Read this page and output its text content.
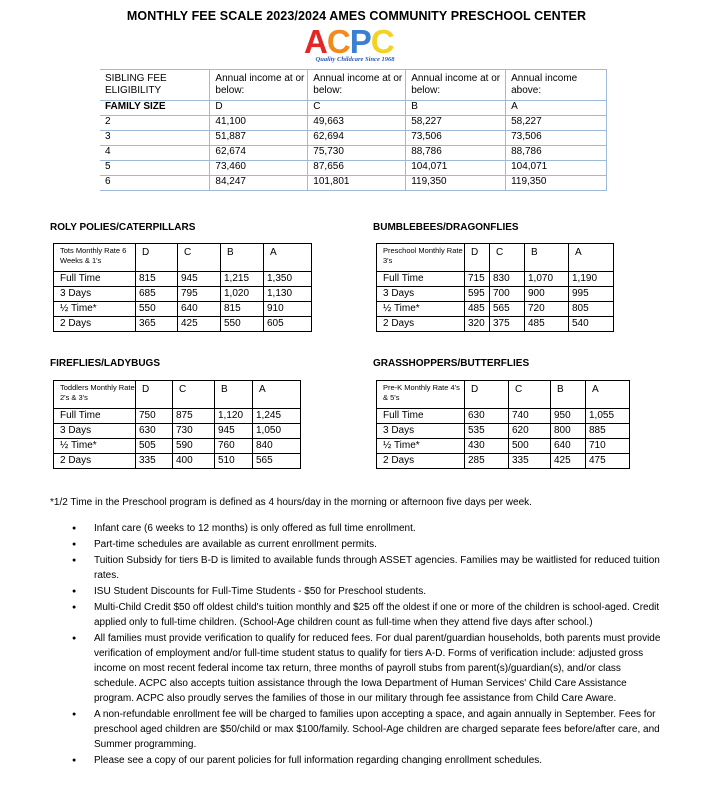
MONTHLY FEE SCALE 2023/2024 AMES COMMUNITY PRESCHOOL CENTER
ACPC
Quality Childcare Since 1968
SIBLING FEE ELIGIBILITY	Annual income at or below:	Annual income at or below:	Annual income at or below:	Annual income above:
FAMILY SIZE	D	C	B	A
2	41,100	49,663	58,227	58,227
3	51,887	62,694	73,506	73,506
4	62,674	75,730	88,786	88,786
5	73,460	87,656	104,071	104,071
6	84,247	101,801	119,350	119,350
ROLY POLIES/CATERPILLARS	BUMBLEBEES/DRAGONFLIES
FIREFLIES/LADYBUGS	GRASSHOPPERS/BUTTERFLIES
Tots Monthly Rate 6 Weeks & 1's	D	C	B	A
Full Time	815	945	1,215	1,350
3 Days	685	795	1,020	1,130
½ Time*	550	640	815	910
2 Days	365	425	550	605
Preschool Monthly Rate 3's	D	C	B	A
Full Time	715	830	1,070	1,190
3 Days	595	700	900	995
½ Time*	485	565	720	805
2 Days	320	375	485	540
Toddlers Monthly Rate 2's & 3's	D	C	B	A
Full Time	750	875	1,120	1,245
3 Days	630	730	945	1,050
½ Time*	505	590	760	840
2 Days	335	400	510	565
Pre-K Monthly Rate 4's & 5's	D	C	B	A
Full Time	630	740	950	1,055
3 Days	535	620	800	885
½ Time*	430	500	640	710
2 Days	285	335	425	475
*1/2 Time in the Preschool program is defined as 4 hours/day in the morning or afternoon five days per week.
● Infant care (6 weeks to 12 months) is only offered as full time enrollment.
● Part-time schedules are available as current enrollment permits.
● Tuition Subsidy for tiers B-D is limited to available funds through ASSET agencies. Families may be waitlisted for reduced tuition rates.
● ISU Student Discounts for Full-Time Students - $50 for Preschool students.
● Multi-Child Credit $50 off oldest child's tuition monthly and $25 off the oldest if one or more of the children is school-aged. Credit applied only to full-time children. (School-Age children count as full-time when they attend five days after school.)
● All families must provide verification to qualify for reduced fees. For dual parent/guardian households, both parents must provide verification of employment and/or full-time student status to qualify for tiers A-D. Forms of verification include: adjusted gross income on most recent federal income tax return, three months of payroll stubs from parent(s)/guardian(s), and/or class schedule. ACPC also accepts tuition assistance through the Iowa Department of Human Services' Child Care Assistance program. ACPC also proudly serves the families of those in our military through fee assistance from Child Care Aware.
● A non-refundable enrollment fee will be charged to families upon accepting a space, and again annually in September. Fees for preschool aged children are $50/child or max $100/family. School-Age children are charged separate fees before/after care, and Summer programming.
● Please see a copy of our parent policies for full information regarding changing enrollment schedules.
